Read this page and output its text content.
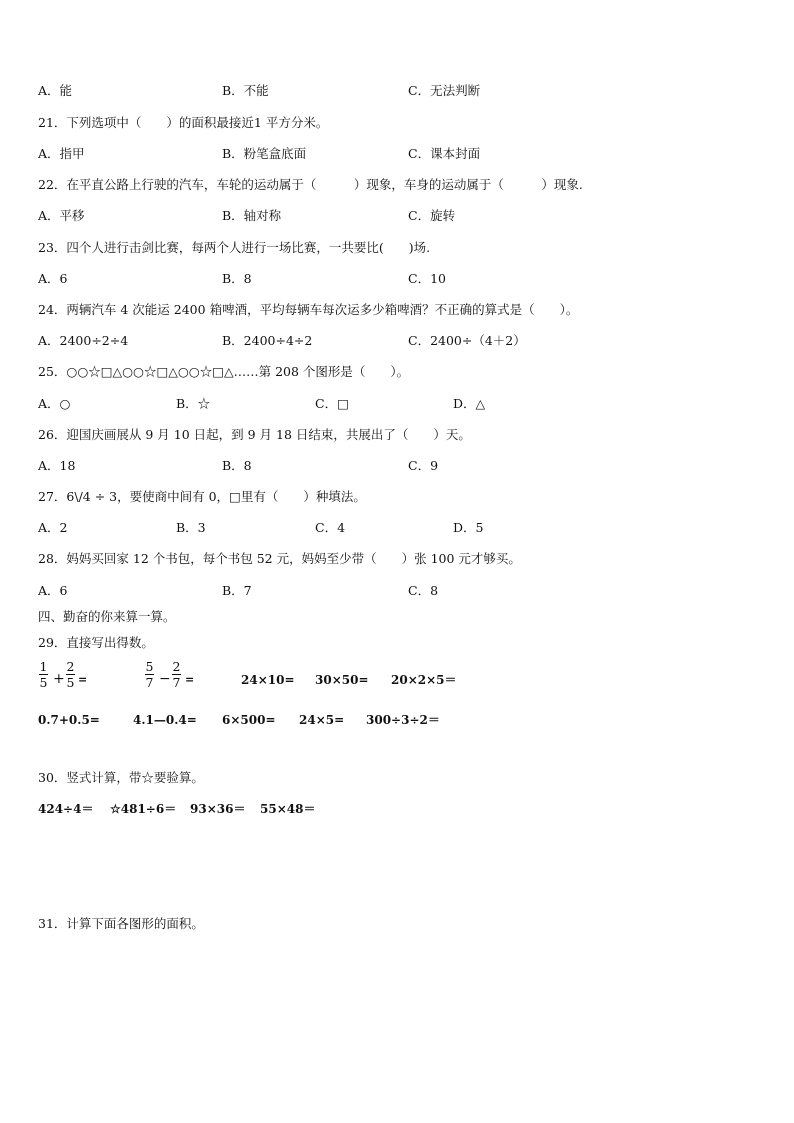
A．能	B．不能	C．无法判断
21．下列选项中（　　）的面积最接近1 平方分米。
A．指甲	B．粉笔盒底面	C．课本封面
22．在平直公路上行驶的汽车，车轮的运动属于（　　　）现象，车身的运动属于（　　　）现象.
A．平移	B．轴对称	C．旋转
23．四个人进行击剑比赛，每两个人进行一场比赛，一共要比(　　)场.
A．6	B．8	C．10
24．两辆汽车 4 次能运 2400 箱啤酒，平均每辆车每次运多少箱啤酒？不正确的算式是（　　）。
A．2400÷2÷4	B．2400÷4÷2	C．2400÷（4＋2）
25．○○☆□△○○☆□△○○☆□△……第 208 个图形是（　　）。
A．○	B．☆	C．□	D．△
26．迎国庆画展从 9 月 10 日起，到 9 月 18 日结束，共展出了（　　）天。
A．18	B．8	C．9
27．6\/4 ÷ 3，要使商中间有 0，□里有（　　）种填法。
A．2	B．3	C．4	D．5
28．妈妈买回家 12 个书包，每个书包 52 元，妈妈至少带（　　）张 100 元才够买。
A．6	B．7	C．8
四、勤奋的你来算一算。
29．直接写出得数。
1
5 +
2
5 =
5
7 −
2
7 =	24×10= 30×50= 20×2×5＝
0.7+0.5=	4.1—0.4= 6×500= 24×5= 300÷3÷2＝
30．竖式计算，带☆要验算。
424÷4＝ ☆481÷6＝ 93×36＝ 55×48＝
31．计算下面各图形的面积。
